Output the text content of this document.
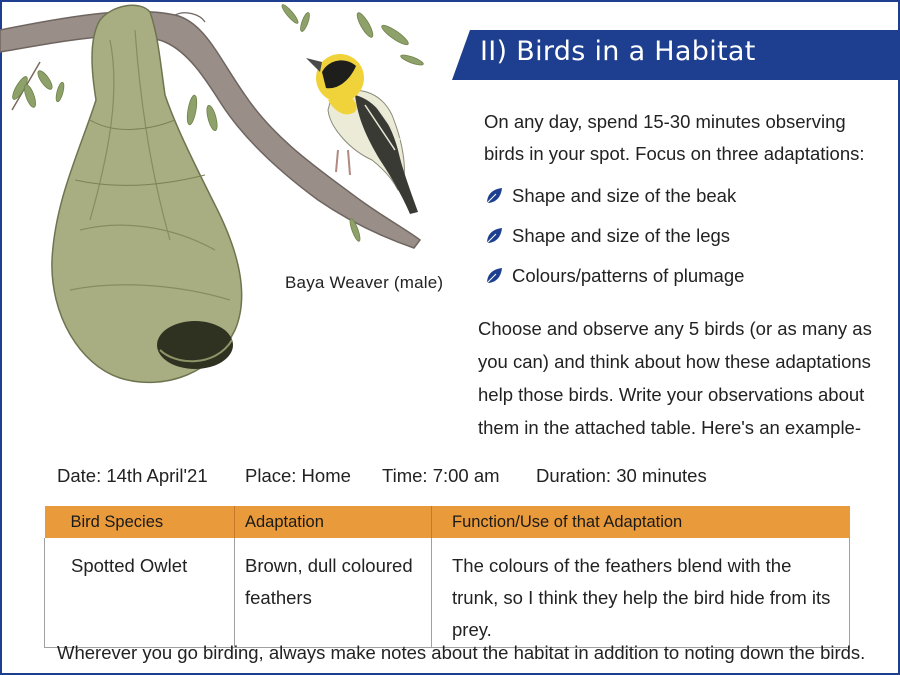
Baya Weaver (male)
II) Birds in a Habitat
On any day, spend 15-30 minutes observing birds in your spot. Focus on three adaptations:
Shape and size of the beak
Shape and size of the legs
Colours/patterns of plumage
Choose and observe any 5 birds (or as many as you can) and think about how these adaptations help those birds. Write your observations about them in the attached table. Here's an example-
Date: 14th April'21	Place: Home	Time: 7:00 am	Duration: 30 minutes
Bird Species	Adaptation	Function/Use of that Adaptation
Spotted Owlet	Brown, dull coloured feathers	The colours of the feathers blend with the trunk, so I think they help the bird hide from its prey.
Wherever you go birding, always make notes about the habitat in addition to noting down the birds.
